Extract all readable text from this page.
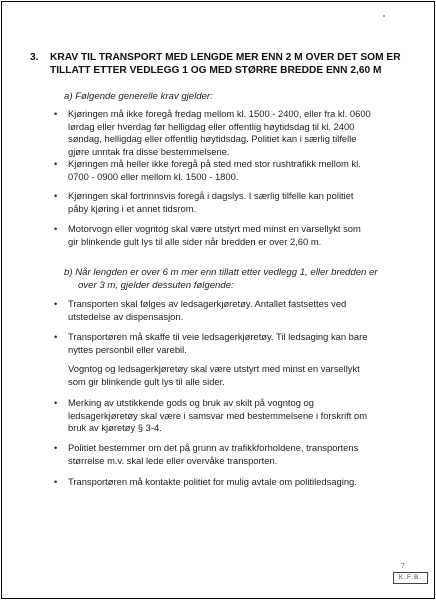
3. KRAV TIL TRANSPORT MED LENGDE MER ENN 2 M OVER DET SOM ER
TILLATT ETTER VEDLEGG 1 OG MED STØRRE BREDDE ENN 2,60 M
a) Følgende generelle krav gjelder:
• Kjøringen må ikke foregå fredag mellom kl. 1500 - 2400, eller fra kl. 0600
lørdag eller hverdag før helligdag eller offentlig høytidsdag til kl. 2400
søndag, helligdag eller offentlig høytidsdag. Politiet kan i særlig tilfelle
gjøre unntak fra disse bestemmelsene.
• Kjøringen må heller ikke foregå på sted med stor rushtrafikk mellom kl.
0700 - 0900 eller mellom kl. 1500 - 1800.
• Kjøringen skal fortrinnsvis foregå i dagslys. I særlig tilfelle kan politiet
påby kjøring i et annet tidsrom.
• Motorvogn eller vogntog skal være utstyrt med minst en varsellykt som
gir blinkende gult lys til alle sider når bredden er over 2,60 m.
b) Når lengden er over 6 m mer enn tillatt etter vedlegg 1, eller bredden er
over 3 m, gjelder dessuten følgende:
• Transporten skal følges av ledsagerkjøretøy. Antallet fastsettes ved
utstedelse av dispensasjon.
• Transportøren må skaffe til veie ledsagerkjøretøy. Til ledsaging kan bare
nyttes personbil eller varebil.
Vogntog og ledsagerkjøretøy skal være utstyrt med minst en varsellykt
som gir blinkende gult lys til alle sider.
• Merking av utstikkende gods og bruk av skilt på vogntog og
ledsagerkjøretøy skal være i samsvar med bestemmelsene i forskrift om
bruk av kjøretøy § 3-4.
• Politiet bestemmer om det på grunn av trafikkforholdene, transportens
størrelse m.v. skal lede eller overvåke transporten.
• Transportøren må kontakte politiet for mulig avtale om politiledsaging.
7
K.F.B.
